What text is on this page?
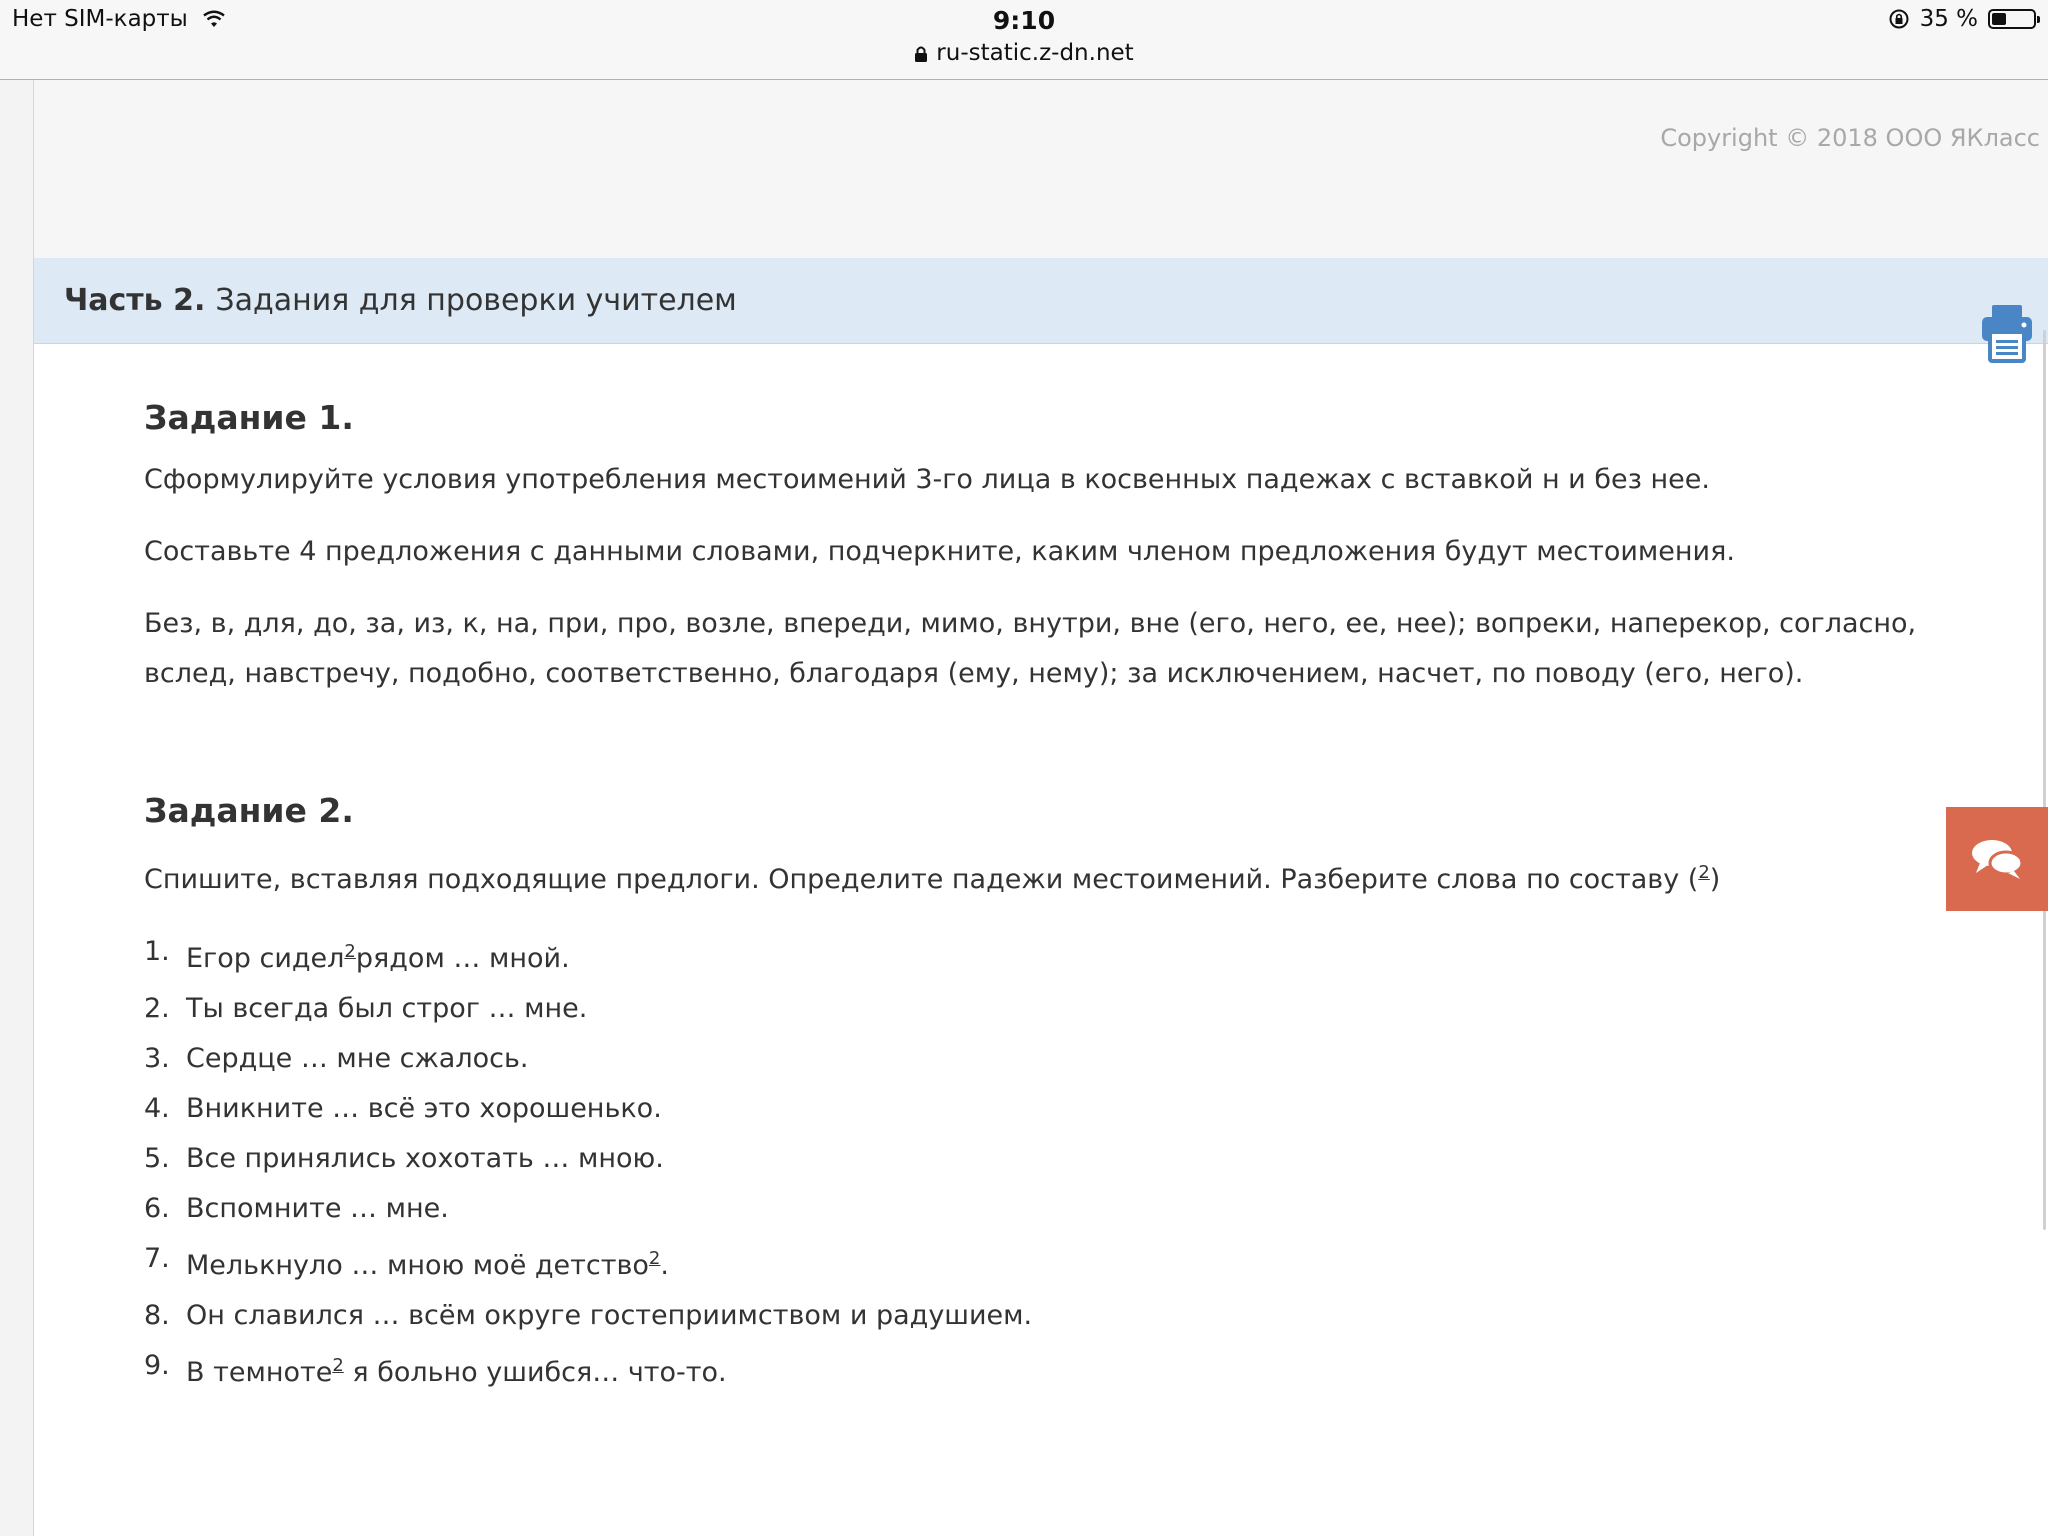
Нет SIM-карты	9:10
ru-static.z-dn.net
35 %
Copyright © 2018 ООО ЯКласс
Часть 2. Задания для проверки учителем
Задание 1.

Сформулируйте условия употребления местоимений 3-го лица в косвенных падежах с вставкой н и без нее.

Составьте 4 предложения с данными словами, подчеркните, каким членом предложения будут местоимения.

Без, в, для, до, за, из, к, на, при, про, возле, впереди, мимо, внутри, вне (его, него, ее, нее); вопреки, наперекор, согласно, вслед, навстречу, подобно, соответственно, благодаря (ему, нему); за исключением, насчет, по поводу (его, него).

Задание 2.

Спишите, вставляя подходящие предлоги. Определите падежи местоимений. Разберите слова по составу ($^2$)

1. Егор сидел$^2$рядом … мной.
2. Ты всегда был строг … мне.
3. Сердце … мне сжалось.
4. Вникните … всё это хорошенько.
5. Все принялись хохотать … мною.
6. Вспомните … мне.
7. Мелькнуло … мною моё детство$^2$.
8. Он славился … всём округе гостеприимством и радушием.
9. В темноте$^2$ я больно ушибся… что-то.
